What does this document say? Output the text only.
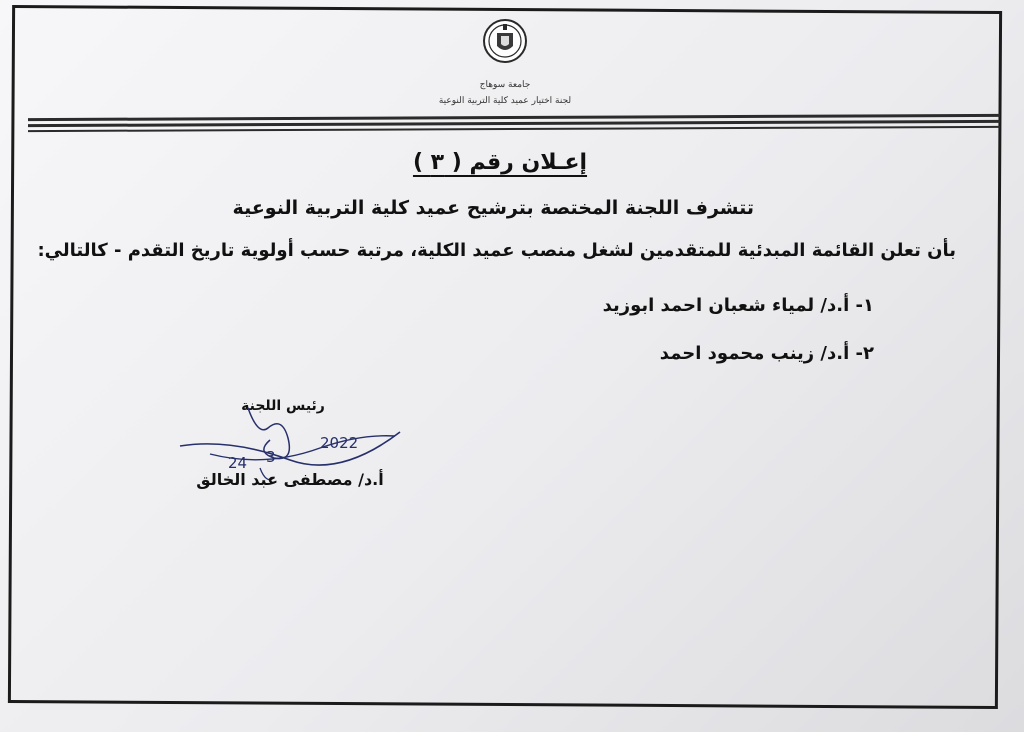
جامعة سوهاج
لجنة اختيار عميد كلية التربية النوعية
إعـلان رقم ( ٣ )
تتشرف اللجنة المختصة بترشيح عميد كلية التربية النوعية
بأن تعلن القائمة المبدئية للمتقدمين لشغل منصب عميد الكلية، مرتبة حسب أولوية تاريخ التقدم - كالتالي:
١- أ.د/ لمياء شعبان احمد ابوزيد
٢- أ.د/ زينب محمود احمد
رئيس اللجنة
24 3
2022
أ.د/ مصطفى عبد الخالق
